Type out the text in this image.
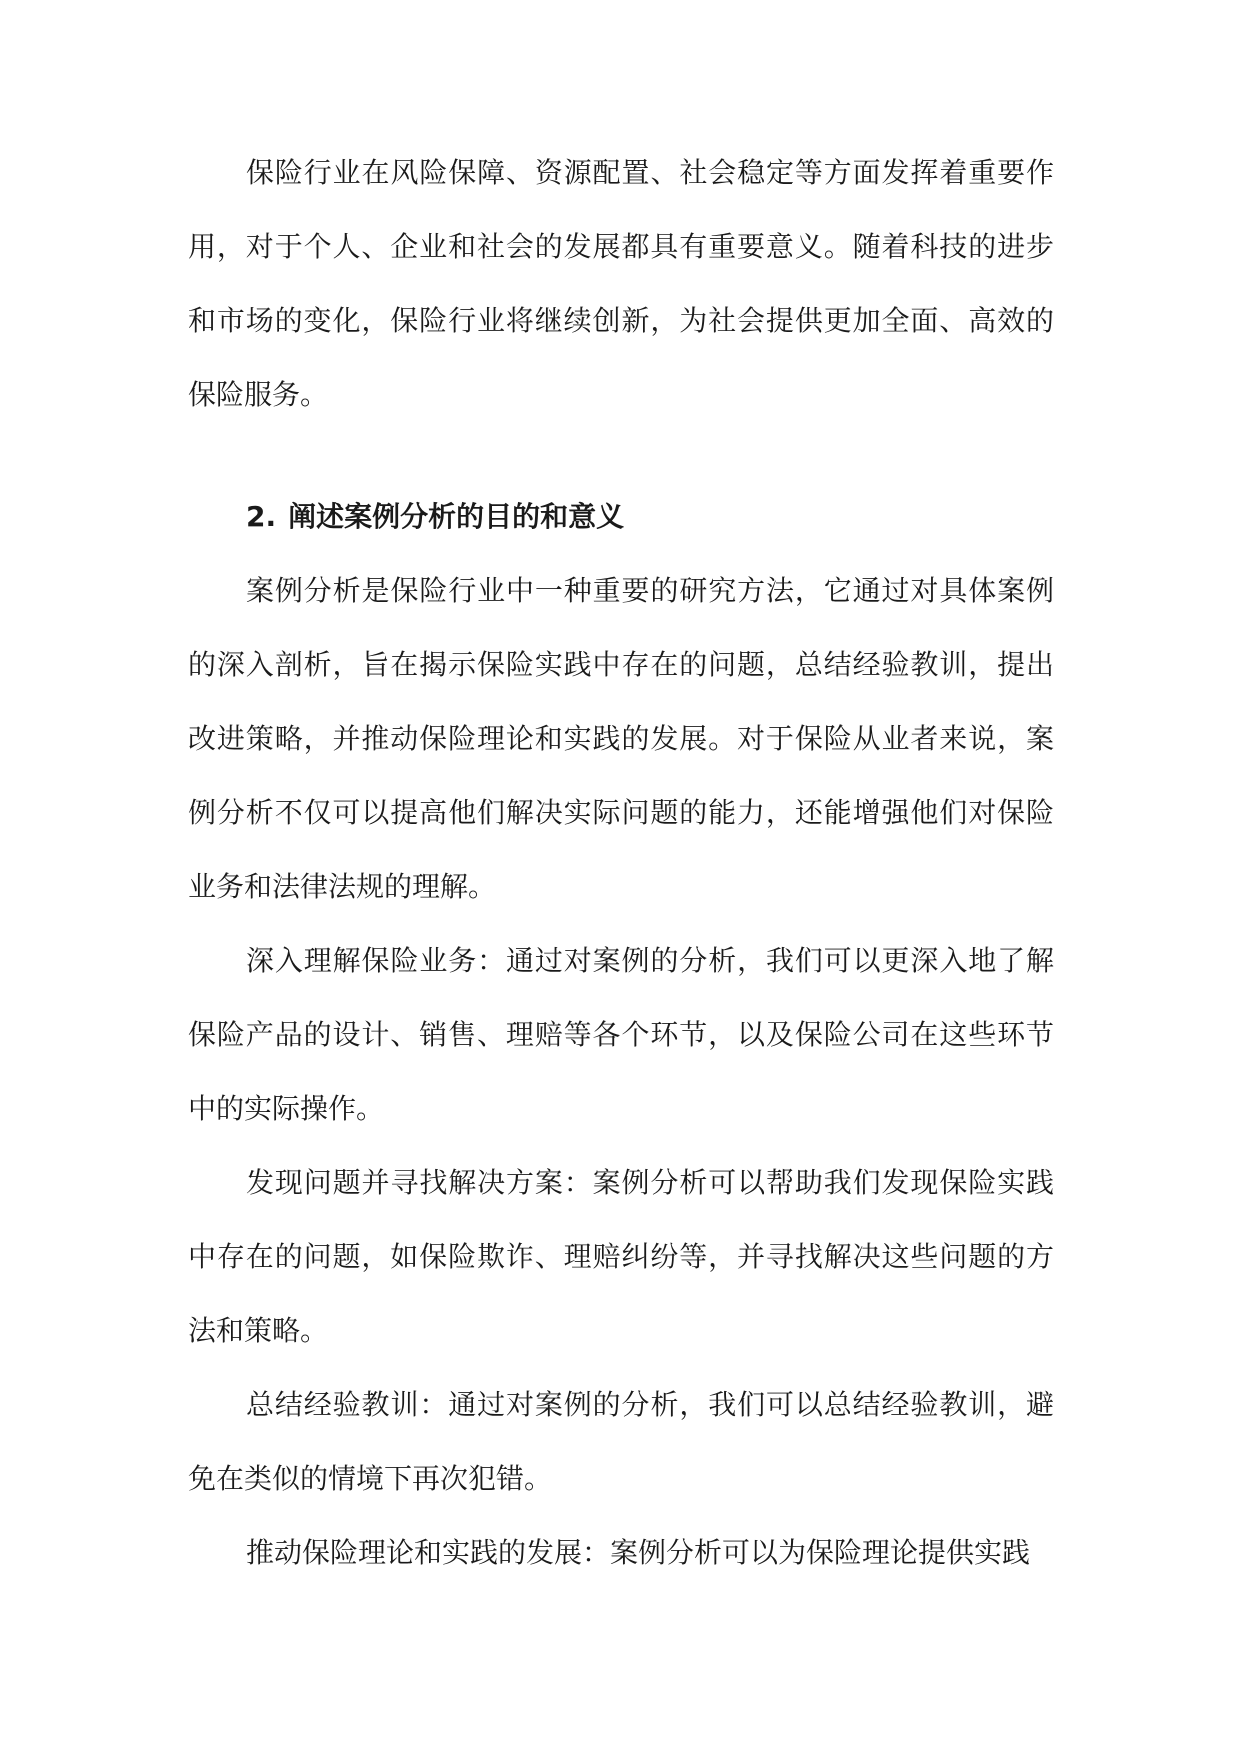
保险行业在风险保障、资源配置、社会稳定等方面发挥着重要作用，对于个人、企业和社会的发展都具有重要意义。随着科技的进步和市场的变化，保险行业将继续创新，为社会提供更加全面、高效的保险服务。

2. 阐述案例分析的目的和意义

案例分析是保险行业中一种重要的研究方法，它通过对具体案例的深入剖析，旨在揭示保险实践中存在的问题，总结经验教训，提出改进策略，并推动保险理论和实践的发展。对于保险从业者来说，案例分析不仅可以提高他们解决实际问题的能力，还能增强他们对保险业务和法律法规的理解。

深入理解保险业务：通过对案例的分析，我们可以更深入地了解保险产品的设计、销售、理赔等各个环节，以及保险公司在这些环节中的实际操作。

发现问题并寻找解决方案：案例分析可以帮助我们发现保险实践中存在的问题，如保险欺诈、理赔纠纷等，并寻找解决这些问题的方法和策略。

总结经验教训：通过对案例的分析，我们可以总结经验教训，避免在类似的情境下再次犯错。

推动保险理论和实践的发展：案例分析可以为保险理论提供实践
